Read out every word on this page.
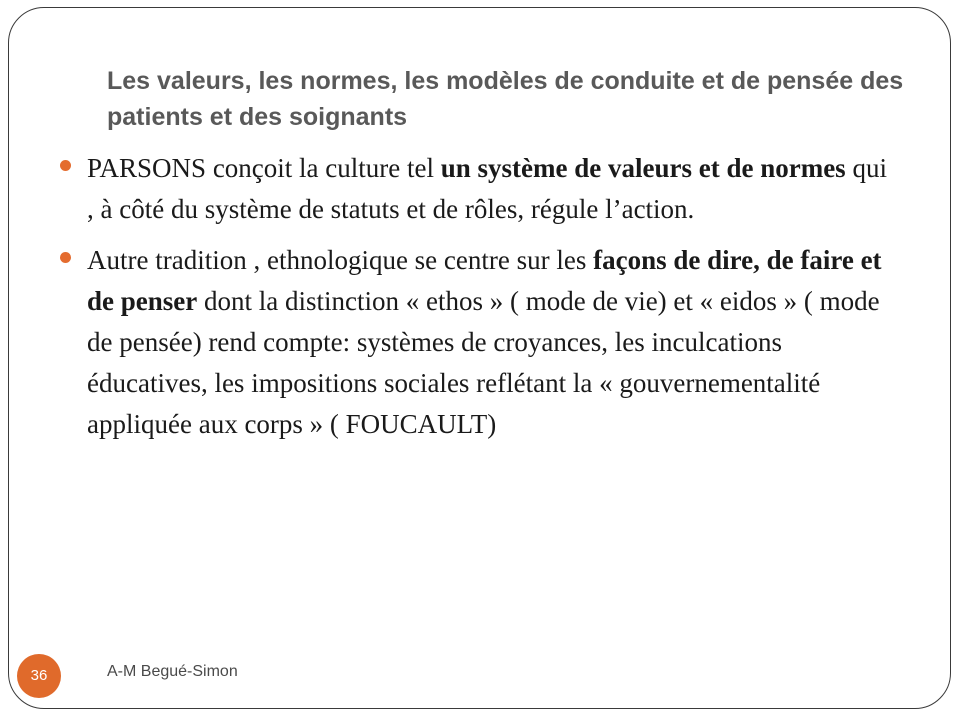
Les valeurs, les normes, les modèles de conduite et de pensée des patients et des soignants
PARSONS conçoit la culture tel un système de valeurs et de normes qui , à côté du système de statuts et de rôles, régule l’action.
Autre tradition , ethnologique se centre sur les façons de dire, de faire et de penser dont la distinction « ethos » ( mode de vie) et « eidos » ( mode de pensée) rend compte: systèmes de croyances, les inculcations éducatives, les impositions sociales reflétant la « gouvernementalité appliquée aux corps » ( FOUCAULT)
36	A-M Begué-Simon
